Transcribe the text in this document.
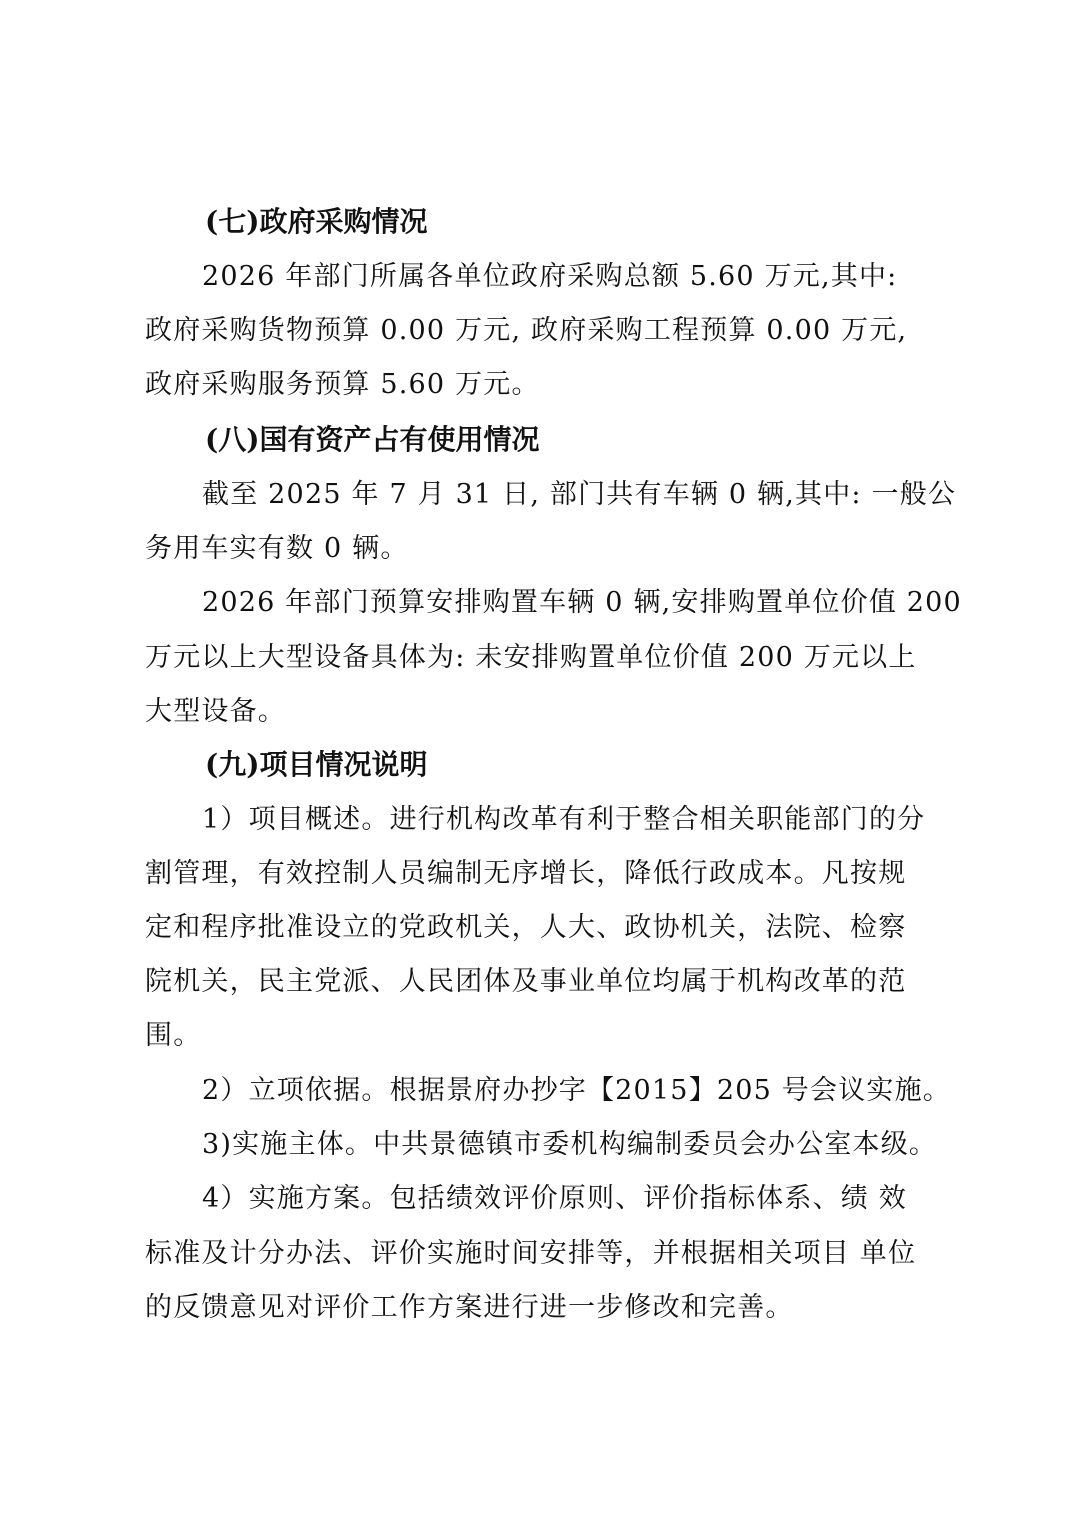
(七)政府采购情况

2026 年部门所属各单位政府采购总额 5.60 万元,其中:

政府采购货物预算 0.00 万元, 政府采购工程预算 0.00 万元,

政府采购服务预算 5.60 万元。

(八)国有资产占有使用情况

截至 2025 年 7 月 31 日, 部门共有车辆 0 辆,其中: 一般公

务用车实有数 0 辆。

2026 年部门预算安排购置车辆 0 辆,安排购置单位价值 200

万元以上大型设备具体为: 未安排购置单位价值 200 万元以上

大型设备。

(九)项目情况说明

1）项目概述。进行机构改革有利于整合相关职能部门的分

割管理，有效控制人员编制无序增长，降低行政成本。凡按规

定和程序批准设立的党政机关，人大、政协机关，法院、检察

院机关，民主党派、人民团体及事业单位均属于机构改革的范

围。

2）立项依据。根据景府办抄字【2015】205 号会议实施。

3)实施主体。中共景德镇市委机构编制委员会办公室本级。

4）实施方案。包括绩效评价原则、评价指标体系、绩 效

标准及计分办法、评价实施时间安排等，并根据相关项目 单位

的反馈意见对评价工作方案进行进一步修改和完善。
